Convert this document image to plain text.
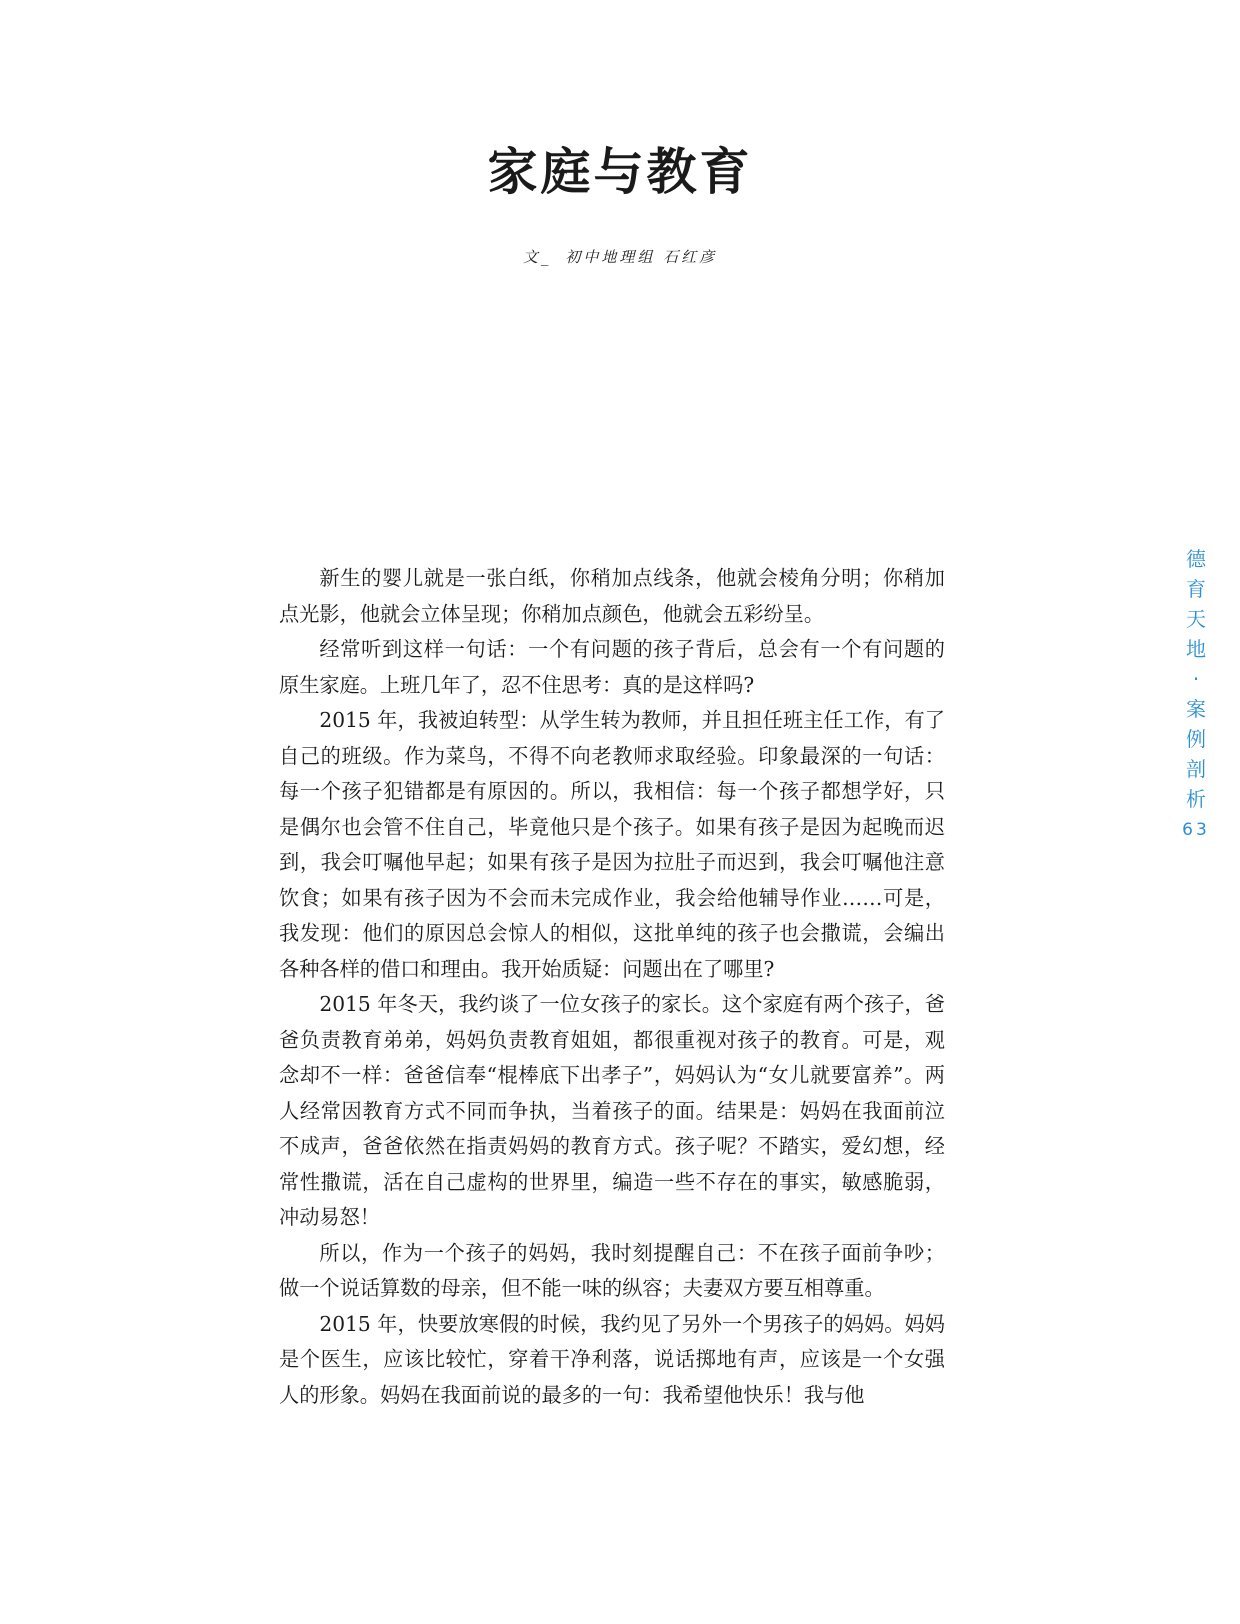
家庭与教育
文_ 初中地理组 石红彦

新生的婴儿就是一张白纸，你稍加点线条，他就会棱角分明；你稍加点光影，他就会立体呈现；你稍加点颜色，他就会五彩纷呈。

经常听到这样一句话：一个有问题的孩子背后，总会有一个有问题的原生家庭。上班几年了，忍不住思考：真的是这样吗?

2015 年，我被迫转型：从学生转为教师，并且担任班主任工作，有了自己的班级。作为菜鸟，不得不向老教师求取经验。印象最深的一句话：每一个孩子犯错都是有原因的。所以，我相信：每一个孩子都想学好，只是偶尔也会管不住自己，毕竟他只是个孩子。如果有孩子是因为起晚而迟到，我会叮嘱他早起；如果有孩子是因为拉肚子而迟到，我会叮嘱他注意饮食；如果有孩子因为不会而未完成作业，我会给他辅导作业……可是，我发现：他们的原因总会惊人的相似，这批单纯的孩子也会撒谎，会编出各种各样的借口和理由。我开始质疑：问题出在了哪里?

2015 年冬天，我约谈了一位女孩子的家长。这个家庭有两个孩子，爸爸负责教育弟弟，妈妈负责教育姐姐，都很重视对孩子的教育。可是，观念却不一样：爸爸信奉“棍棒底下出孝子”，妈妈认为“女儿就要富养”。两人经常因教育方式不同而争执，当着孩子的面。结果是：妈妈在我面前泣不成声，爸爸依然在指责妈妈的教育方式。孩子呢？不踏实，爱幻想，经常性撒谎，活在自己虚构的世界里，编造一些不存在的事实，敏感脆弱，冲动易怒！

所以，作为一个孩子的妈妈，我时刻提醒自己：不在孩子面前争吵；做一个说话算数的母亲，但不能一味的纵容；夫妻双方要互相尊重。

2015 年，快要放寒假的时候，我约见了另外一个男孩子的妈妈。妈妈是个医生，应该比较忙，穿着干净利落，说话掷地有声，应该是一个女强人的形象。妈妈在我面前说的最多的一句：我希望他快乐！我与他

德
育
天
地
·
案
例
剖
析
63
